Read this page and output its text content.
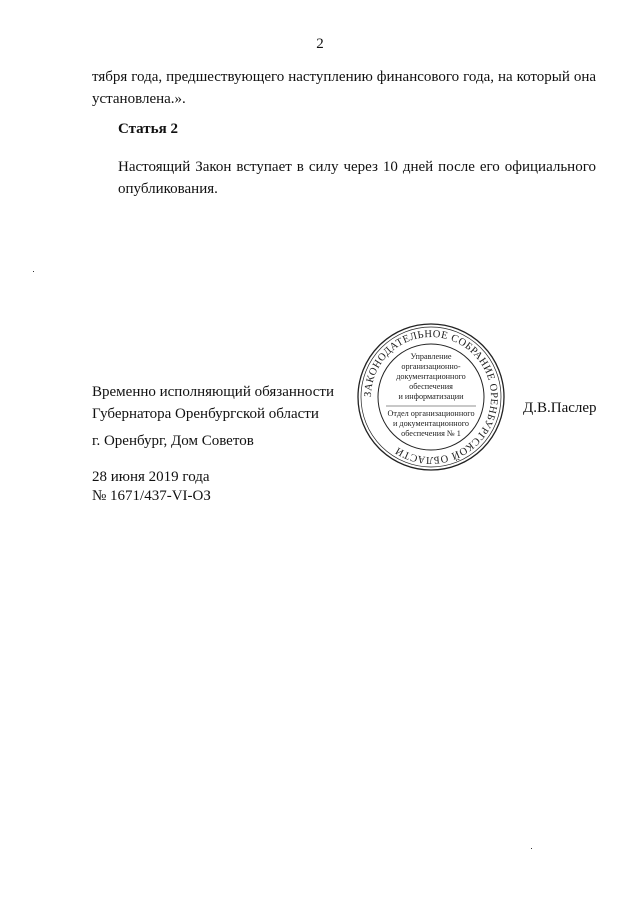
2
тября года, предшествующего наступлению финансового года, на который она
установлена.».
Статья 2
Настоящий Закон вступает в силу через 10 дней после его официального
опубликования.
ЗАКОНОДАТЕЛЬНОЕ СОБРАНИЕ ОРЕНБУРГСКОЙ ОБЛАСТИ
Управление
организационно-
документационного
обеспечения
и информатизации
Отдел организационного
и документационного
обеспечения № 1
Временно исполняющий обязанности
Губернатора Оренбургской области	Д.В.Паслер
г. Оренбург, Дом Советов
28 июня 2019 года
№ 1671/437-VI-ОЗ
